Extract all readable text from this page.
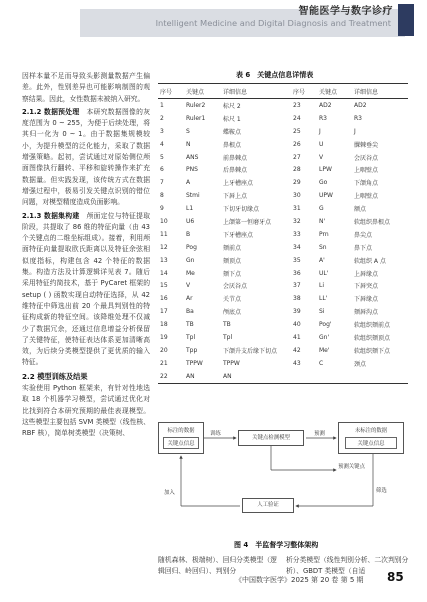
智能医学与数字诊疗
Intelligent Medicine and Digital Diagnosis and Treatment

因样本量不足而导致头影测量数据产生偏差。此外，性别差异也可能影响制图的观察结果。因此，女性数据未被纳入研究。

2.1.2 数据预处理　 本研究数据图像的灰度范围为 0 ~ 255，为便于后续处理，将其归一化为 0 ~ 1。由于数据集规模较小，为提升模型的泛化能力，采取了数据增强策略。起初，尝试通过对原始侧位颅面图像执行翻转、平移和旋转操作来扩充数据量。但实践发现，该传统方式在数据增强过程中，极易引发关键点识别的错位问题，对模型精度造成负面影响。

2.1.3 数据集构建　 颅面定位与特征提取阶段，共提取了 86 维的特征向量（由 43 个关键点的二维坐标组成）。接着，利用颅面特征向量提取欧氏距离以及特征余弦相似度指标，构建包含 42 个特征的数据集。构造方法及计算逻辑详见表 7。随后采用特征约简技术，基于 PyCaret 框架的 setup ( ) 函数实现自动特征选择，从 42 维特征中筛选出前 20 个最具判别性的特征构成新的特征空间。该降维处理不仅减少了数据冗余，还通过信息增益分析保留了关键特征，使特征表达体系更加清晰高效，为后续分类模型提供了更优质的输入特征。

2.2 模型训练及结果

实验使用 Python 框架来，有针对性地选取 18 个机器学习模型，尝试通过优化对比找到符合本研究预期的最佳表现模型。这些模型主要包括 SVM 类模型（线性核、RBF 核），简单树类模型（决策树、

表 6　关键点信息详情表
序号	关键点	详细信息	序号	关键点	详细信息
1	Ruler2	标尺 2	23	AD2	AD2
2	Ruler1	标尺 1	24	R3	R3
3	S	蝶鞍点	25	J	J
4	N	鼻根点	26	U	髁棘垂尖
5	ANS	前鼻棘点	27	V	会厌谷点
6	PNS	后鼻棘点	28	LPW	上咽壁点
7	A	上牙槽座点	29	Go	下颌角点
8	Stmi	下唇上点	30	UPW	上咽壁点
9	L1	下切牙切缘点	31	G	额点
10	U6	上颌第一恒磨牙点	32	N'	软组织鼻根点
11	B	下牙槽座点	33	Prn	鼻尖点
12	Pog	颏前点	34	Sn	鼻下点
13	Gn	颏顶点	35	A'	软组织 A 点
14	Me	颏下点	36	UL'	上唇缘点
15	V	会厌谷点	37	Li	下唇突点
16	Ar	关节点	38	LL'	下唇缘点
17	Ba	颅底点	39	Si	颏唇沟点
18	TB	TB	40	Pog'	软组织颏前点
19	Tpl	Tpl	41	Gn'	软组织颏顶点
20	Tpp	下颌升支后缘下切点	42	Me'	软组织颏下点
21	TPPW	TPPW	43	C	颈点
22	AN	AN			
标注的数据
关键点信息
训练
关键点检测模型
预测	未标注的数据
关键点信息
预测关键点
筛选
人工验证
加入
图 4　半监督学习整体架构
随机森林、极端树）、回归分类模型（逻辑回归、岭回归）、判别分
析分类模型（线性判别分析、二次判别分析）、GBDT 类模型（自适
《中国数字医学》2025 第 20 卷 第 5 期 85
